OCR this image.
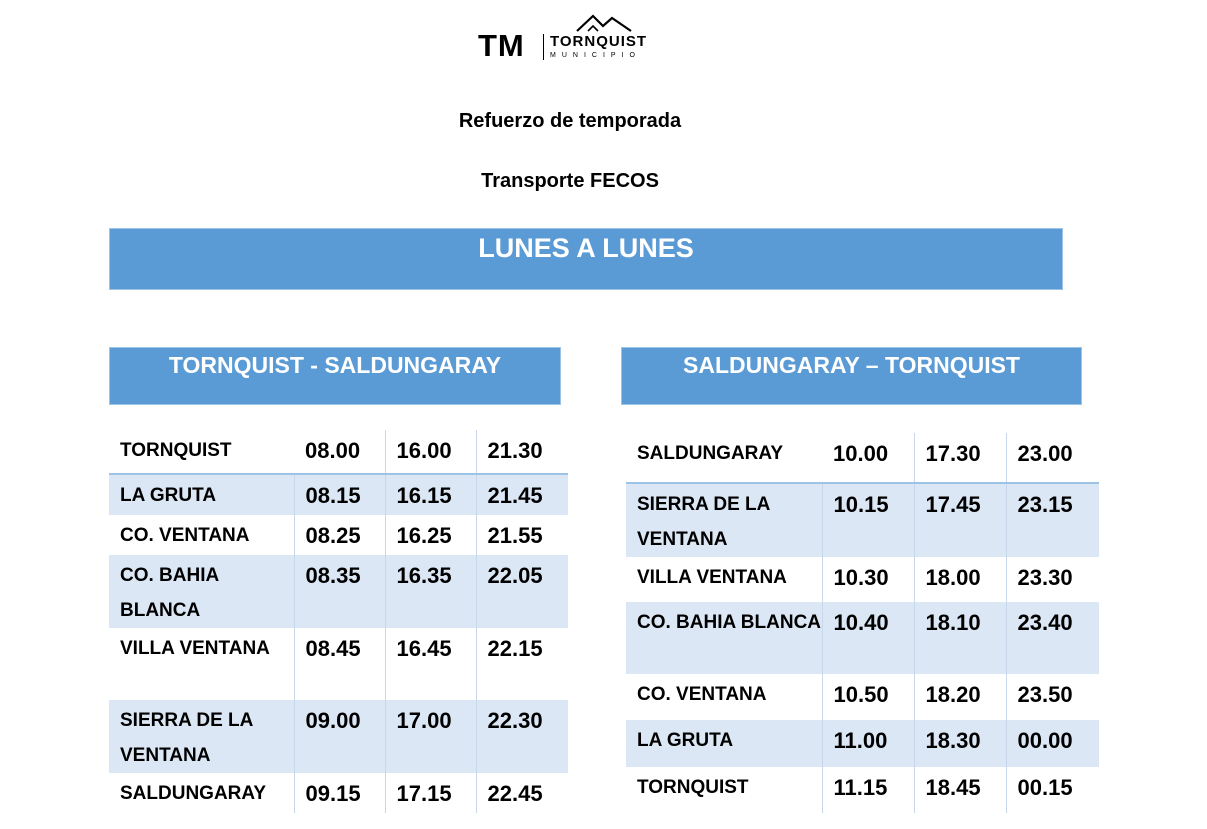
TM TORNQUIST
MUNICIPIO
Refuerzo de temporada
Transporte FECOS
LUNES A LUNES
TORNQUIST - SALDUNGARAY
TORNQUIST	08.00	16.00	21.30
LA GRUTA	08.15	16.15	21.45
CO. VENTANA	08.25	16.25	21.55
CO. BAHIA BLANCA	08.35	16.35	22.05
VILLA VENTANA	08.45	16.45	22.15
SIERRA DE LA VENTANA	09.00	17.00	22.30
SALDUNGARAY	09.15	17.15	22.45
SALDUNGARAY – TORNQUIST
SALDUNGARAY	10.00	17.30	23.00
SIERRA DE LA VENTANA	10.15	17.45	23.15
VILLA VENTANA	10.30	18.00	23.30
CO. BAHIA BLANCA	10.40	18.10	23.40
CO. VENTANA	10.50	18.20	23.50
LA GRUTA	11.00	18.30	00.00
TORNQUIST	11.15	18.45	00.15
